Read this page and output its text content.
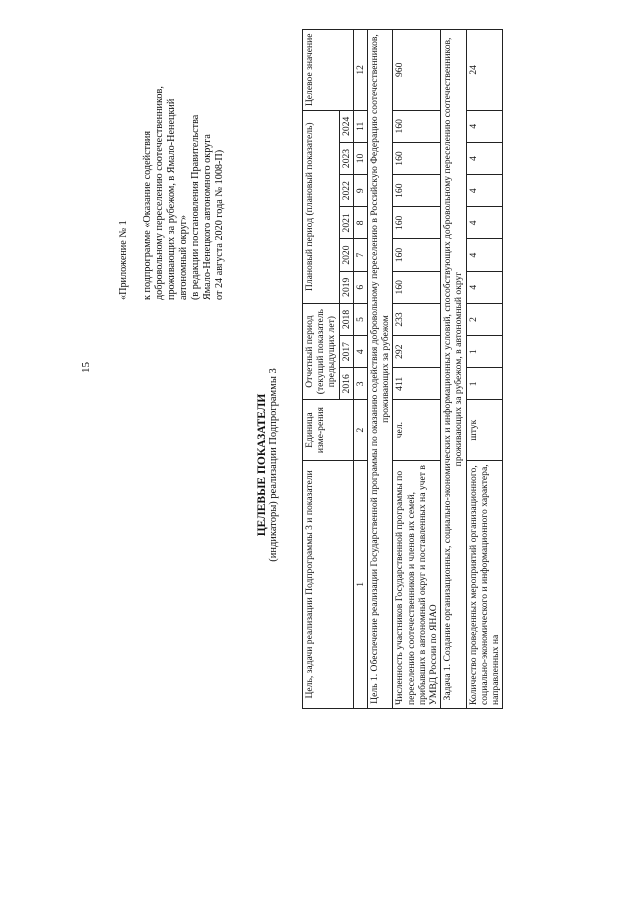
15
«Приложение № 1 к подпрограмме «Оказание содействия добровольному переселению соотечественников, проживающих за рубежом, в Ямало-Ненецкий автономный округ» (в редакции постановления Правительства Ямало-Ненецкого автономного округа от 24 августа 2020 года № 1008-П)
ЦЕЛЕВЫЕ ПОКАЗАТЕЛИ (индикаторы) реализации Подпрограммы 3
Цель, задачи реализации Подпрограммы 3 и показатели	Единица изме-рения	Отчетный период (текущий показатель предыдущих лет)			Плановый период (плановый показатель)						Целевое значение
		2016	2017	2018	2019	2020	2021	2022	2023	2024	
1	2	3	4	5	6	7	8	9	10	11	12
Цель 1. Обеспечение реализации Государственной программы по оказанию содействия добровольному переселению в Российскую Федерацию соотечественников, проживающих за рубежом											
Численность участников Государственной программы по переселению соотечественников и членов их семей, прибывших в автономный округ и поставленных на учет в УМВД России по ЯНАО	чел.	411	292	233	160	160	160	160	160	160	960
Задача 1. Создание организационных, социально-экономических и информационных условий, способствующих добровольному переселению соотечественников, проживающих за рубежом, в автономный округ											
Количество проведенных мероприятий организационного, социально-экономического и информационного характера, направленных на	штук	1	1	2	4	4	4	4	4	4	24
